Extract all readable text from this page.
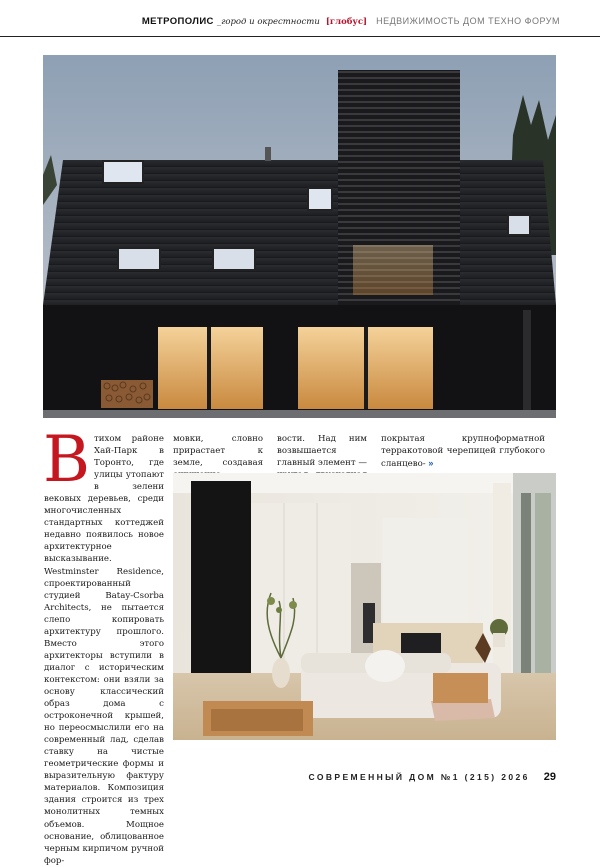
МЕТРОПОЛИС _город и окрестности [глобус] НЕДВИЖИМОСТЬ ДОМ ТЕХНО ФОРУМ
Втихом районе Хай-Парк в Торонто, где улицы утопают в зелени вековых деревьев, среди многочисленных стандартных коттеджей недавно появилось новое архитектурное высказывание. Westminster Residence, спроектированный студией Batay-Csorba Architects, не пытается слепо копировать архитектуру прошлого. Вместо этого архитекторы вступили в диалог с историческим контекстом: они взяли за основу классический образ дома с остроконечной крышей, но переосмыслили его на современный лад, сделав ставку на чистые геометрические формы и выразительную фактуру материалов. Композиция здания строится из трех монолитных темных объемов. Мощное основание, облицованное черным кирпичом ручной фор-
мовки, словно прирастает к земле, создавая
вости. Над ним возвышается главный элемент —
покрытая крупноформатной терракотовой черепицей глубокого сланцево- »
СОВРЕМЕННЫЙ ДОМ №1 (215) 2026 29
